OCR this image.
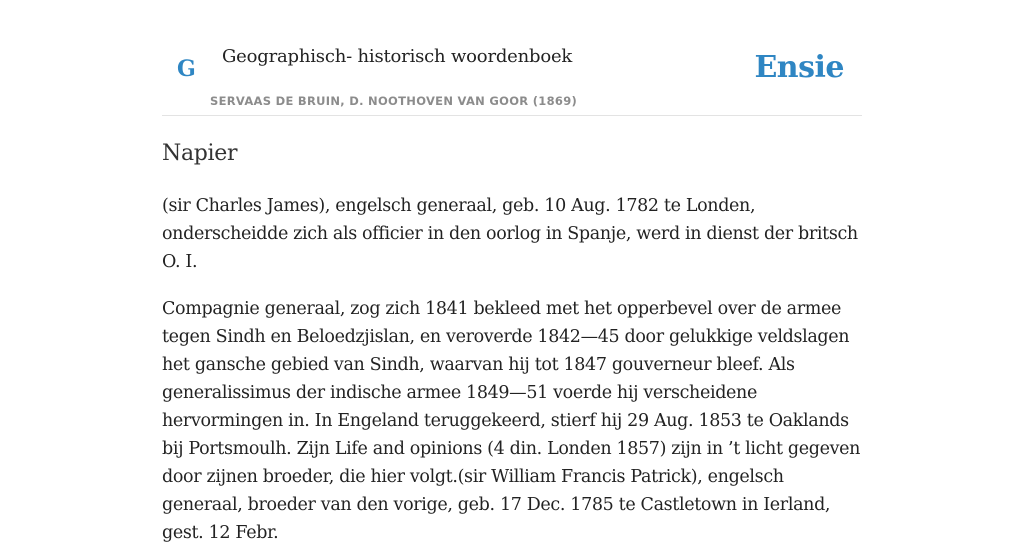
G Geographisch- historisch woordenboek
SERVAAS DE BRUIN, D. NOOTHOVEN VAN GOOR (1869)
Ensie
Napier

(sir Charles James), engelsch generaal, geb. 10 Aug. 1782 te Londen, onderscheidde zich als officier in den oorlog in Spanje, werd in dienst der britsch O. I.

Compagnie generaal, zog zich 1841 bekleed met het opperbevel over de armee tegen Sindh en Beloedzjislan, en veroverde 1842—45 door gelukkige veldslagen het gansche gebied van Sindh, waarvan hij tot 1847 gouverneur bleef. Als generalissimus der indische armee 1849—51 voerde hij verscheidene hervormingen in. In Engeland teruggekeerd, stierf hij 29 Aug. 1853 te Oaklands bij Portsmoulh. Zijn Life and opinions (4 din. Londen 1857) zijn in ’t licht gegeven door zijnen broeder, die hier volgt.(sir William Francis Patrick), engelsch generaal, broeder van den vorige, geb. 17 Dec. 1785 te Castletown in Ierland, gest. 12 Febr.
